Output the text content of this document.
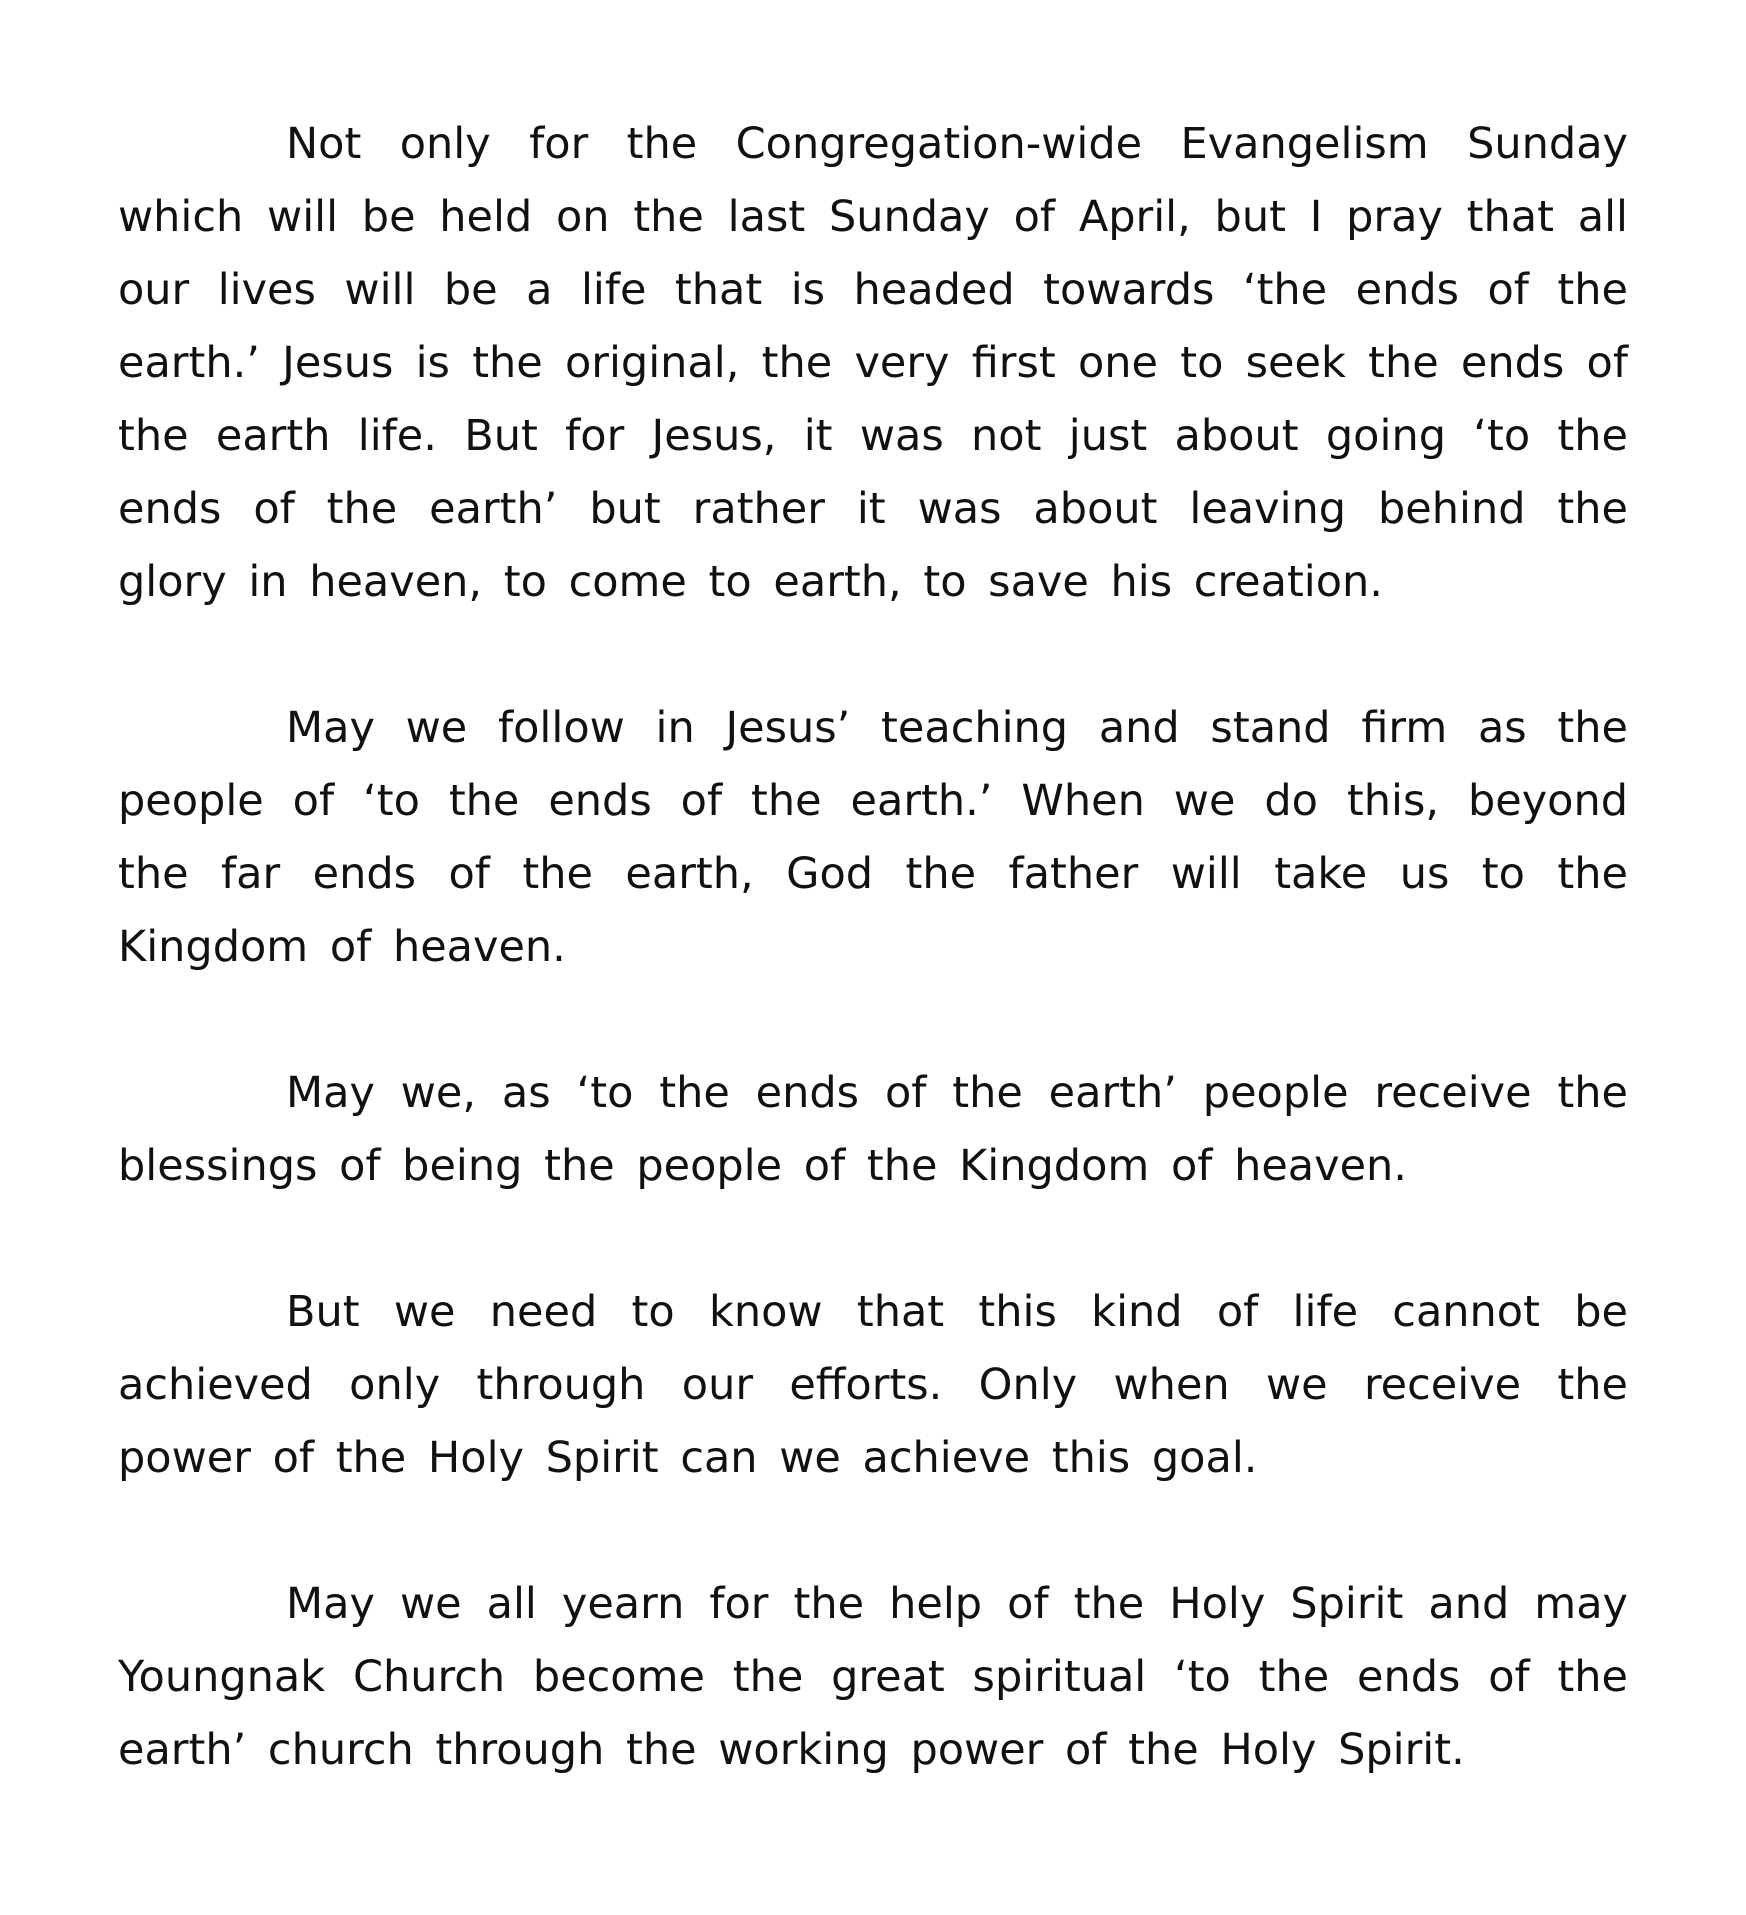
Not only for the Congregation-wide Evangelism Sunday which will be held on the last Sunday of April, but I pray that all our lives will be a life that is headed towards ‘the ends of the earth.’ Jesus is the original, the very first one to seek the ends of the earth life. But for Jesus, it was not just about going ‘to the ends of the earth’ but rather it was about leaving behind the glory in heaven, to come to earth, to save his creation.

May we follow in Jesus’ teaching and stand firm as the people of ‘to the ends of the earth.’ When we do this, beyond the far ends of the earth, God the father will take us to the Kingdom of heaven.

May we, as ‘to the ends of the earth’ people receive the blessings of being the people of the Kingdom of heaven.

But we need to know that this kind of life cannot be achieved only through our efforts. Only when we receive the power of the Holy Spirit can we achieve this goal.

May we all yearn for the help of the Holy Spirit and may Youngnak Church become the great spiritual ‘to the ends of the earth’ church through the working power of the Holy Spirit.
